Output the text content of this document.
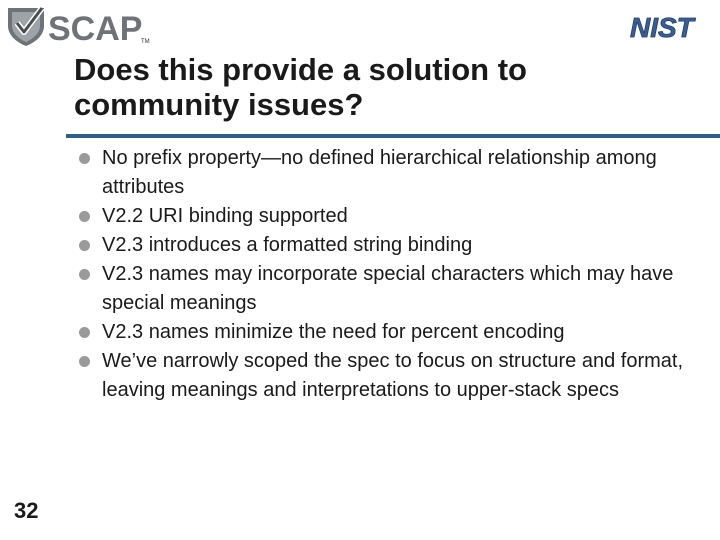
SCAP
TM	NIST
Does this provide a solution to
community issues?
No prefix property—no defined hierarchical relationship among attributes
V2.2 URI binding supported
V2.3 introduces a formatted string binding
V2.3 names may incorporate special characters which may have special meanings
V2.3 names minimize the need for percent encoding
We’ve narrowly scoped the spec to focus on structure and format, leaving meanings and interpretations to upper-stack specs
32
